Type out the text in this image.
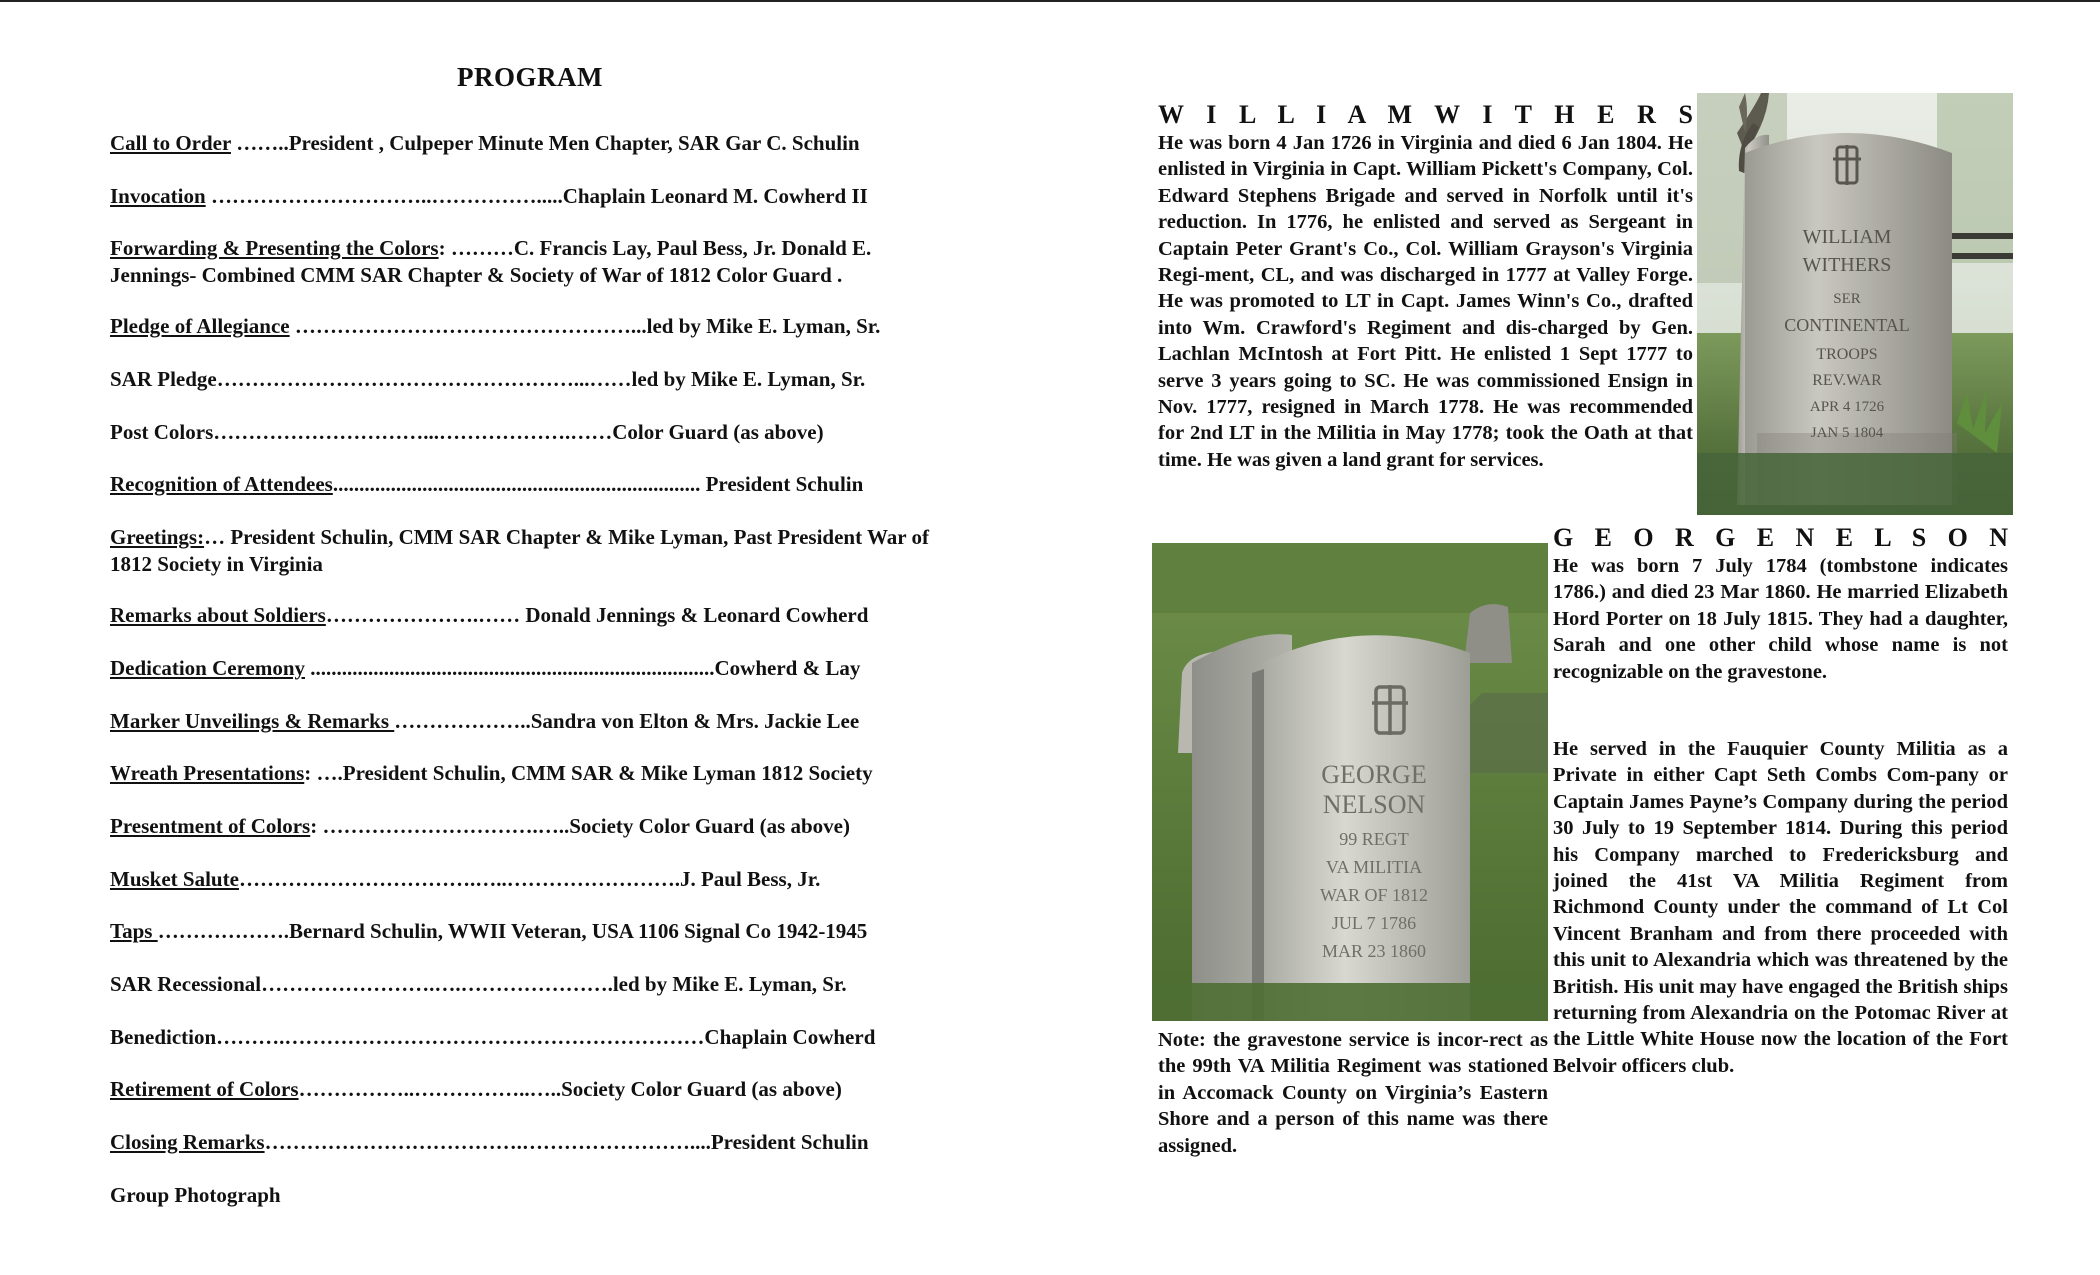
PROGRAM
Call to Order ……..President , Culpeper Minute Men Chapter, SAR Gar C. Schulin
Invocation …………………………..…………….....Chaplain Leonard M. Cowherd II
Forwarding & Presenting the Colors: ………C. Francis Lay, Paul Bess, Jr. Donald E. Jennings- Combined CMM SAR Chapter & Society of War of 1812 Color Guard .
Pledge of Allegiance …………………………………………...led by Mike E. Lyman, Sr.
SAR Pledge……………………………………………...……led by Mike E. Lyman, Sr.
Post Colors…………………………...……………….……Color Guard (as above)
Recognition of Attendees...................................................................... President Schulin
Greetings:… President Schulin, CMM SAR Chapter & Mike Lyman, Past President War of 1812 Society in Virginia
Remarks about Soldiers………………….…… Donald Jennings & Leonard Cowherd
Dedication Ceremony .............................................................................Cowherd & Lay
Marker Unveilings & Remarks ………………..Sandra von Elton & Mrs. Jackie Lee
Wreath Presentations: ….President Schulin, CMM SAR & Mike Lyman 1812 Society
Presentment of Colors: ………………………….…..Society Color Guard (as above)
Musket Salute…………………………….…..…………………….J. Paul Bess, Jr.
Taps ……………….Bernard Schulin, WWII Veteran, USA 1106 Signal Co 1942-1945
SAR Recessional…………………….….………………….led by Mike E. Lyman, Sr.
Benediction……….……………………………………………………Chaplain Cowherd
Retirement of Colors……………..……………..…..Society Color Guard (as above)
Closing Remarks……………………………….……………………....President Schulin
Group Photograph
W I L L I A M W I T H E R S

He was born 4 Jan 1726 in Virginia and died 6 Jan 1804. He enlisted in Virginia in Capt. William Pickett's Company, Col. Edward Stephens Brigade and served in Norfolk until it's reduction. In 1776, he enlisted and served as Sergeant in Captain Peter Grant's Co., Col. William Grayson's Virginia Regi-ment, CL, and was discharged in 1777 at Valley Forge. He was promoted to LT in Capt. James Winn's Co., drafted into Wm. Crawford's Regiment and dis-charged by Gen. Lachlan McIntosh at Fort Pitt. He enlisted 1 Sept 1777 to serve 3 years going to SC. He was commissioned Ensign in Nov. 1777, resigned in March 1778. He was recommended for 2nd LT in the Militia in May 1778; took the Oath at that time. He was given a land grant for services.

WILLIAM
WITHERS
SER
CONTINENTAL
TROOPS
REV.WAR
APR 4 1726
JAN 5 1804
GEORGE
NELSON
99 REGT
VA MILITIA
WAR OF 1812
JUL 7 1786
MAR 23 1860
G E O R G E N E L S O N

He was born 7 July 1784 (tombstone indicates 1786.) and died 23 Mar 1860. He married Elizabeth Hord Porter on 18 July 1815. They had a daughter, Sarah and one other child whose name is not recognizable on the gravestone.

He served in the Fauquier County Militia as a Private in either Capt Seth Combs Com-pany or Captain James Payne’s Company during the period 30 July to 19 September 1814. During this period his Company marched to Fredericksburg and joined the 41st VA Militia Regiment from Richmond County under the command of Lt Col Vincent Branham and from there proceeded with this unit to Alexandria which was threatened by the British. His unit may have engaged the British ships returning from Alexandria on the Potomac River at the Little White House now the location of the Fort Belvoir officers club.

Note: the gravestone service is incor-rect as the 99th VA Militia Regiment was stationed in Accomack County on Virginia’s Eastern Shore and a person of this name was there assigned.
